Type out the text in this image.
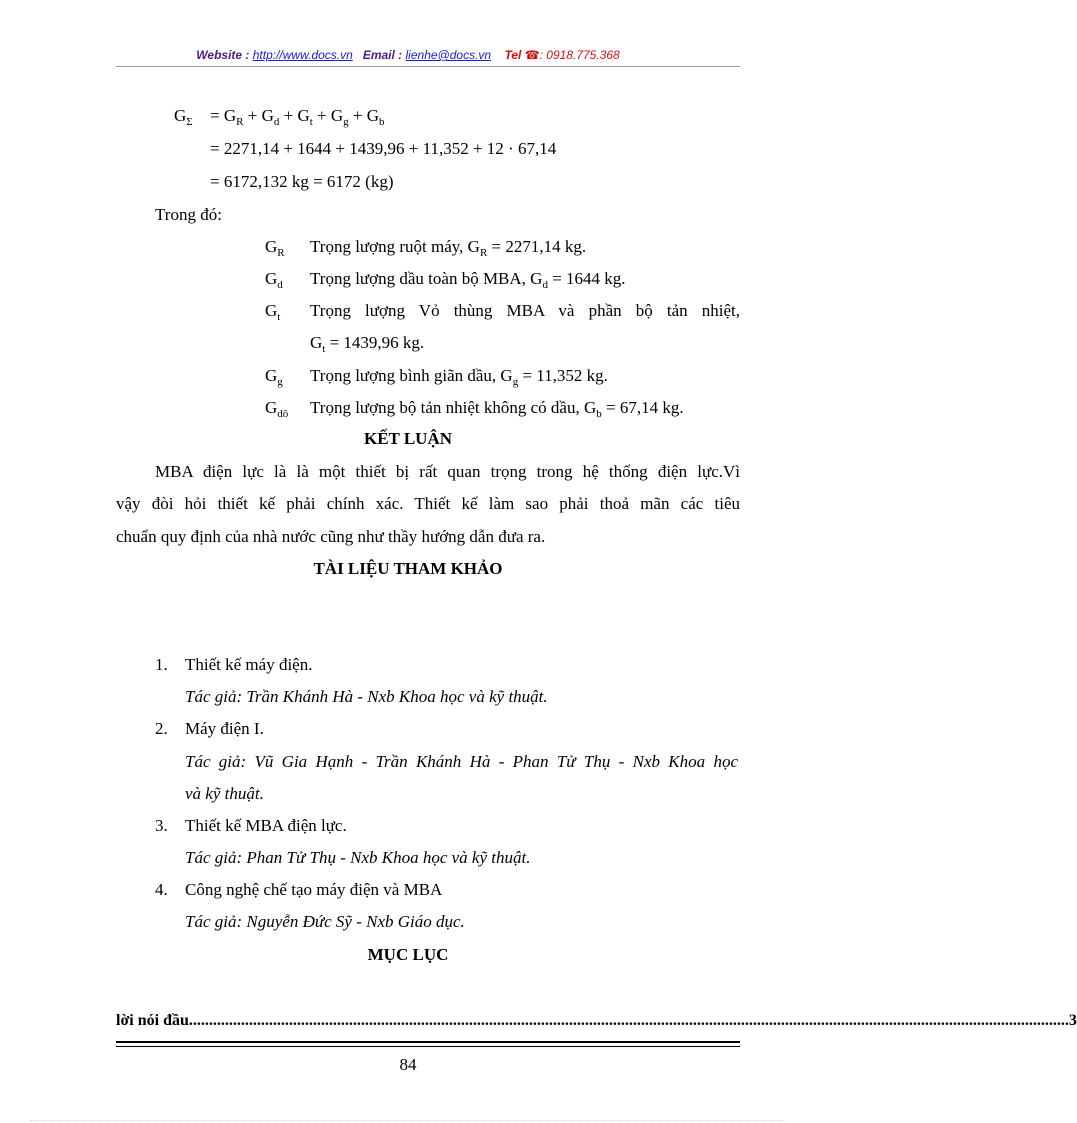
Website : http://www.docs.vn Email : lienhe@docs.vn Tel ☎: 0918.775.368
$G_\Sigma = G_R + G_d + G_t + G_g + G_b$
= 2271,14 + 1644 + 1439,96 + 11,352 + 12 · 67,14
= 6172,132 kg = 6172 (kg)
Trong đó:
$G_R$ Trọng lượng ruột máy, $G_R = 2271,14$ kg.
$G_d$ Trọng lượng dầu toàn bộ MBA, $G_d = 1644$ kg.
$G_t$ Trọng lượng Vỏ thùng MBA và phần bộ tản nhiệt,
$G_t = 1439,96$ kg.
$G_g$ Trọng lượng bình giãn dầu, $G_g = 11,352$ kg.
$G_{dô}$ Trọng lượng bộ tản nhiệt không có dầu, $G_b = 67,14$ kg.
KẾT LUẬN
MBA điện lực là là một thiết bị rất quan trọng trong hệ thống điện lực.Vì
vậy đòi hỏi thiết kế phải chính xác. Thiết kế làm sao phải thoả mãn các tiêu
chuẩn quy định của nhà nước cũng như thầy hướng dẫn đưa ra.
TÀI LIỆU THAM KHẢO
1. Thiết kế máy điện.
Tác giả: Trần Khánh Hà - Nxb Khoa học và kỹ thuật.
2. Máy điện I.
Tác giả: Vũ Gia Hạnh - Trần Khánh Hà - Phan Tử Thụ - Nxb Khoa học
và kỹ thuật.
3. Thiết kế MBA điện lực.
Tác giả: Phan Tử Thụ - Nxb Khoa học và kỹ thuật.
4. Công nghệ chế tạo máy điện và MBA
Tác giả: Nguyễn Đức Sỹ - Nxb Giáo dục.
MỤC LỤC
lời nói đầu ............................................................................................................................................................................................................................ 3
84
